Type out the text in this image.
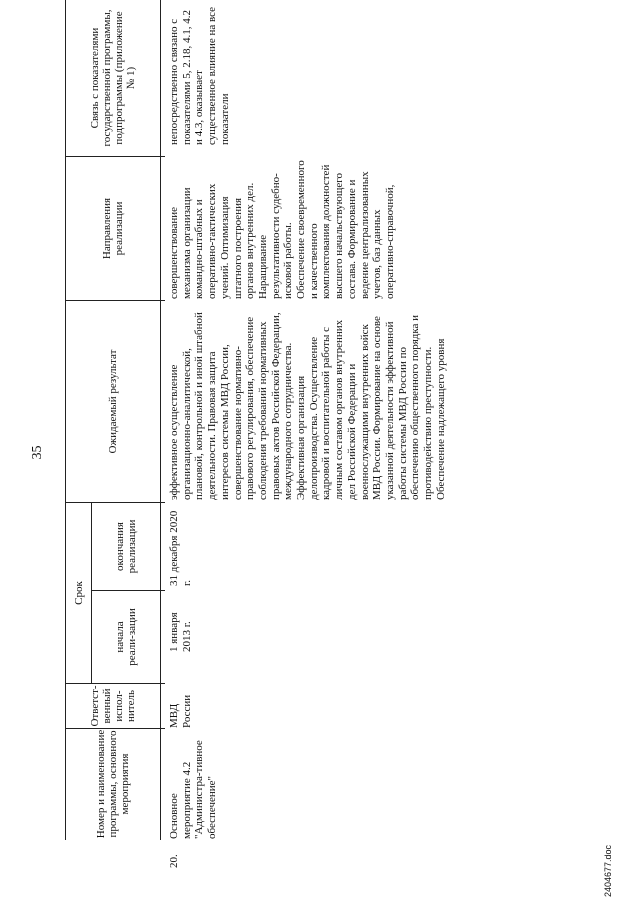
35
Номер и наименование программы, основного мероприятия
Ответст-венный испол-нитель
Срок
начала реали-зации
окончания реализации
Ожидаемый результат
Направления реализации
Связь с показателями государственной программы, подпрограммы (приложение № 1)
20.
Основное мероприятие 4.2 "Администра-тивное обеспечение"
МВД России
1 января 2013 г.
31 декабря 2020 г.
эффективное осуществление организационно-аналитической, плановой, контрольной и иной штабной деятельности. Правовая защита интересов системы МВД России, совершенствование нормативно-правового регулирования, обеспечение соблюдения требований нормативных правовых актов Российской Федерации, международного сотрудничества. Эффективная организация делопроизводства. Осуществление кадровой и воспитательной работы с личным составом органов внутренних дел Российской Федерации и военнослужащими внутренних войск МВД России. Формирование на основе указанной деятельности эффективной работы системы МВД России по обеспечению общественного порядка и противодействию преступности. Обеспечение надлежащего уровня
совершенствование механизма организации командно-штабных и оперативно-тактических учений. Оптимизация штатного построения органов внутренних дел. Наращивание результативности судебно-исковой работы. Обеспечение своевременного и качественного комплектования должностей высшего начальствующего состава. Формирование и ведение централизованных учетов, баз данных оперативно-справочной,
непосредственно связано с показателями 5, 2.18, 4.1, 4.2 и 4.3, оказывает существенное влияние на все показатели
2404677.doc
